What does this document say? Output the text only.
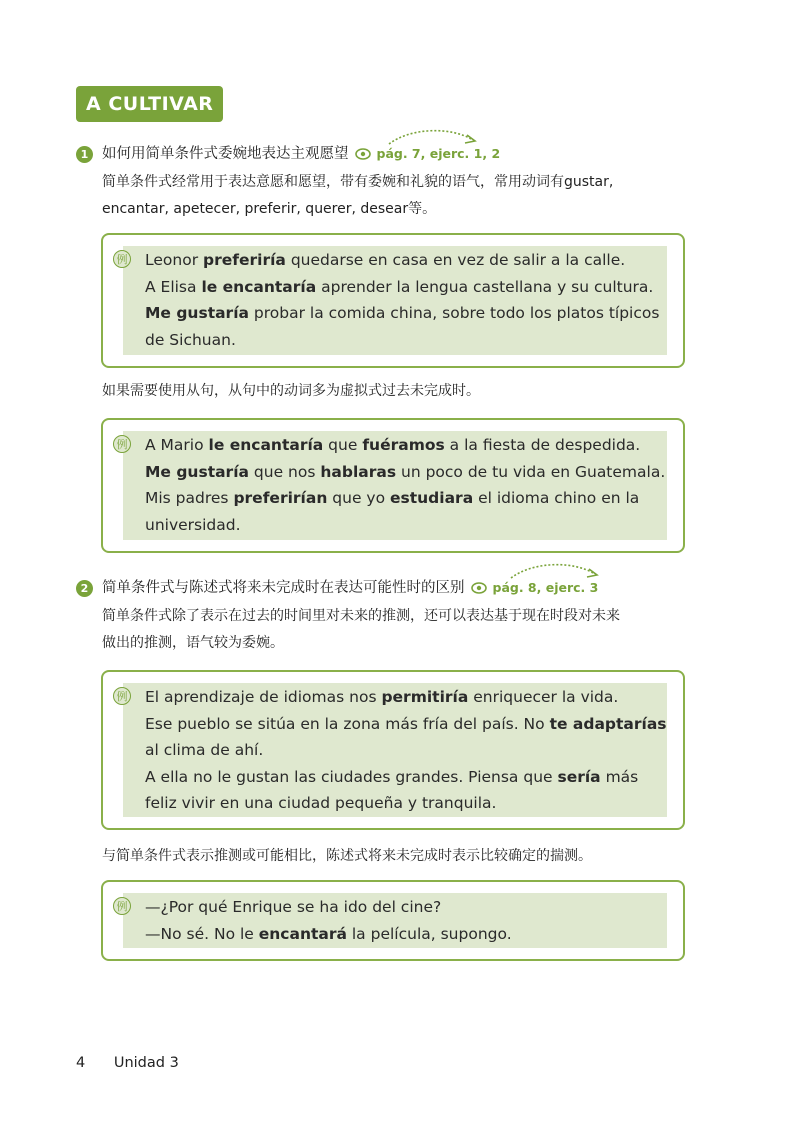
A CULTIVAR
1 如何用简单条件式委婉地表达主观愿望 pág. 7, ejerc. 1, 2
简单条件式经常用于表达意愿和愿望，带有委婉和礼貌的语气，常用动词有gustar,
encantar, apetecer, preferir, querer, desear等。
Leonor preferiría quedarse en casa en vez de salir a la calle.
A Elisa le encantaría aprender la lengua castellana y su cultura.
Me gustaría probar la comida china, sobre todo los platos típicos
de Sichuan.
例
如果需要使用从句，从句中的动词多为虚拟式过去未完成时。
A Mario le encantaría que fuéramos a la fiesta de despedida.
Me gustaría que nos hablaras un poco de tu vida en Guatemala.
Mis padres preferirían que yo estudiara el idioma chino en la
universidad.
例
2 简单条件式与陈述式将来未完成时在表达可能性时的区别 pág. 8, ejerc. 3
简单条件式除了表示在过去的时间里对未来的推测，还可以表达基于现在时段对未来
做出的推测，语气较为委婉。
El aprendizaje de idiomas nos permitiría enriquecer la vida.
Ese pueblo se sitúa en la zona más fría del país. No te adaptarías
al clima de ahí.
A ella no le gustan las ciudades grandes. Piensa que sería más
feliz vivir en una ciudad pequeña y tranquila.
例
与简单条件式表示推测或可能相比，陈述式将来未完成时表示比较确定的揣测。
—¿Por qué Enrique se ha ido del cine?
—No sé. No le encantará la película, supongo.
例
4 Unidad 3
